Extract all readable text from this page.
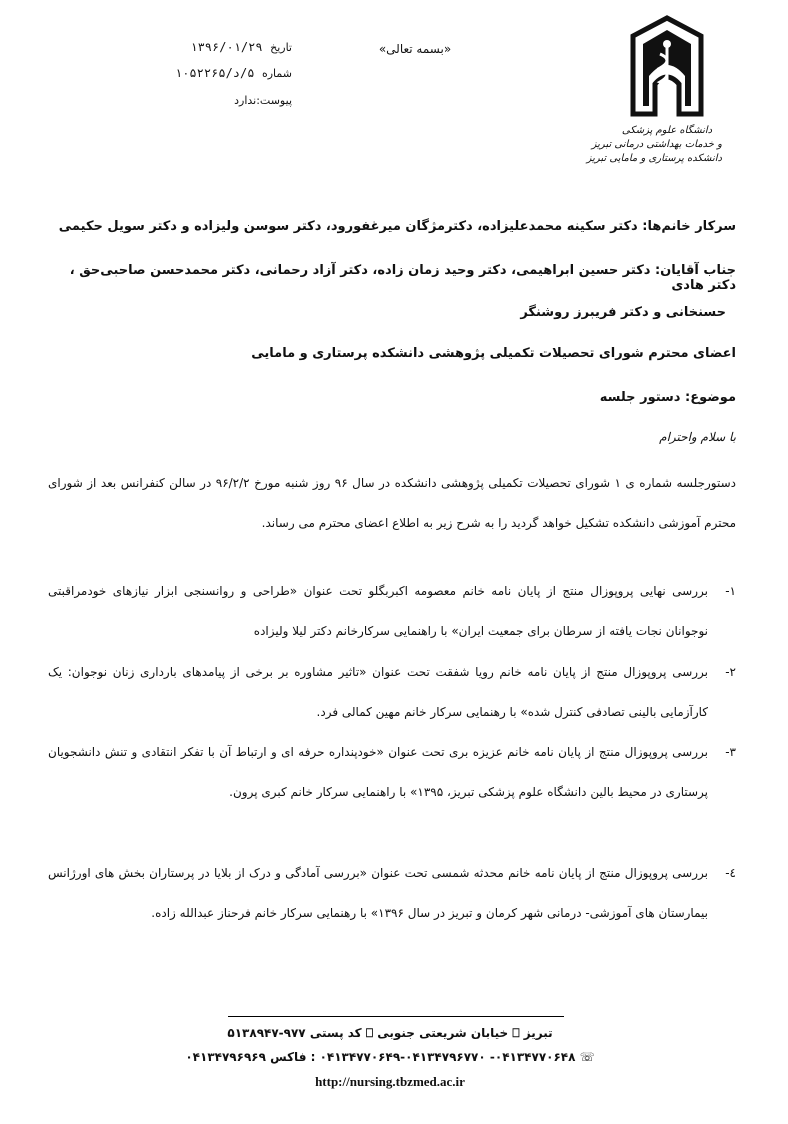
«بسمه تعالی»
تاریخ ۱۳۹۶/۰۱/۲۹
شماره ۵/د/۱۰۵۲۲۶۵
پیوست:ندارد
دانشگاه علوم پزشکی
و خدمات بهداشتی درمانی تبریز
دانشکده پرستاری و مامایی تبریز
سرکار خانم‌ها: دکتر سکینه محمدعلیزاده، دکترمژگان میرغفورود، دکتر سوسن ولیزاده و دکتر سویل حکیمی
جناب آقایان: دکتر حسین ابراهیمی، دکتر وحید زمان زاده، دکتر آزاد رحمانی، دکتر محمدحسن صاحبی‌حق ، دکتر هادی
حسنخانی و دکتر فریبرز روشنگر
اعضای محترم شورای تحصیلات تکمیلی پژوهشی دانشکده پرستاری و مامایی
موضوع: دستور جلسه
با سلام واحترام
دستورجلسه شماره ی ۱ شورای تحصیلات تکمیلی پژوهشی دانشکده در سال ۹۶ روز شنبه مورخ ۹۶/۲/۲ در سالن کنفرانس بعد از شورای محترم آموزشی دانشکده تشکیل خواهد گردید را به شرح زیر به اطلاع اعضای محترم می رساند.
۱-
بررسی نهایی پروپوزال منتج از پایان نامه خانم معصومه اکبربگلو تحت عنوان «طراحی و روانسنجی ابزار نیازهای خودمراقبتی نوجوانان نجات یافته از سرطان برای جمعیت ایران» با راهنمایی سرکارخانم دکتر لیلا ولیزاده
۲-
بررسی پروپوزال منتج از پایان نامه خانم رویا شفقت تحت عنوان «تاثیر مشاوره بر برخی از پیامدهای بارداری زنان نوجوان: یک کارآزمایی بالینی تصادفی کنترل شده» با رهنمایی سرکار خانم مهین کمالی فرد.
۳-
بررسی پروپوزال منتج از پایان نامه خانم عزیزه بری تحت عنوان «خودپنداره حرفه ای و ارتباط آن با تفکر انتقادی و تنش دانشجویان پرستاری در محیط بالین دانشگاه علوم پزشکی تبریز، ۱۳۹۵» با راهنمایی سرکار خانم کبری پرون.
٤-
بررسی پروپوزال منتج از پایان نامه خانم محدثه شمسی تحت عنوان «بررسی آمادگی و درک از بلایا در پرستاران بخش های اورژانس بیمارستان های آموزشی- درمانی شهر کرمان و تبریز در سال ۱۳۹۶» با رهنمایی سرکار خانم فرحناز عبدالله زاده.
تبریز ⎕ خیابان شریعتی جنوبی ⎕ کد پستی ۹۷۷-۵۱۳۸۹۴۷
☏ ۰۴۱۳۴۷۷۰۶۴۸- ۰۴۱۳۴۷۷۰۶۴۹-۰۴۱۳۴۷۹۶۷۷۰ : فاکس ۰۴۱۳۴۷۹۶۹۶۹
http://nursing.tbzmed.ac.ir
